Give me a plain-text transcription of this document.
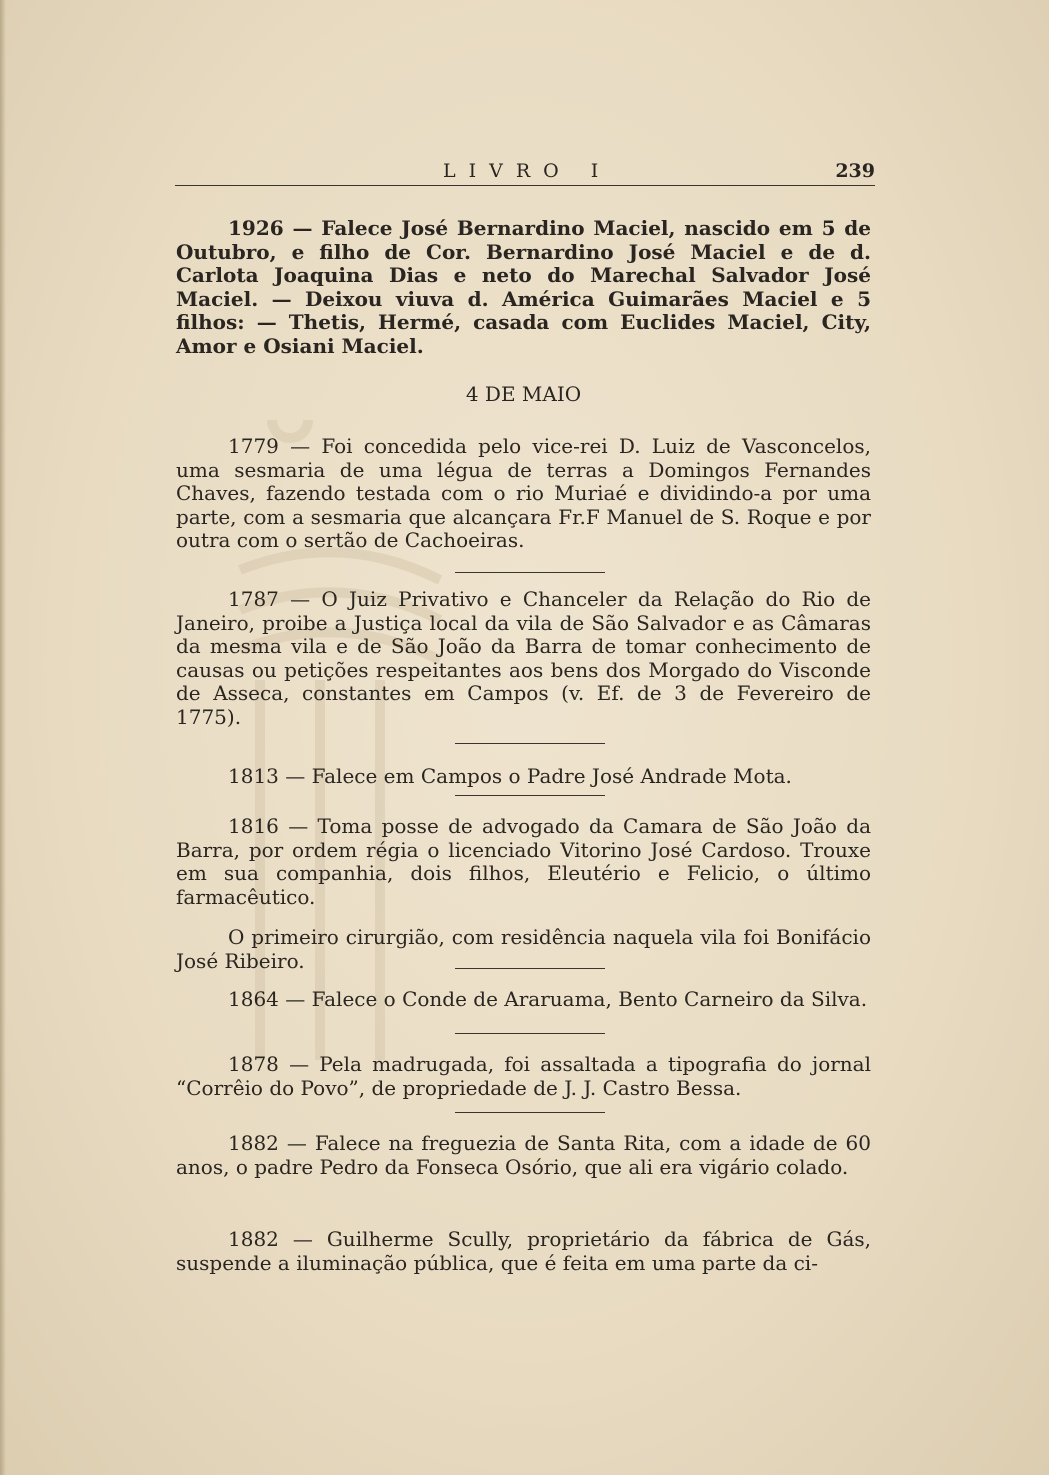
LIVRO I	239

1926 — Falece José Bernardino Maciel, nascido em 5 de Outubro, e filho de Cor. Bernardino José Maciel e de d. Carlota Joaquina Dias e neto do Marechal Salvador José Maciel. — Deixou viuva d. América Guimarães Maciel e 5 filhos: — Thetis, Hermé, casada com Euclides Maciel, City, Amor e Osiani Maciel.

4 DE MAIO

1779 — Foi concedida pelo vice-rei D. Luiz de Vasconcelos, uma sesmaria de uma légua de terras a Domingos Fernandes Chaves, fazendo testada com o rio Muriaé e dividindo-a por uma parte, com a sesmaria que alcançara Fr.F Manuel de S. Roque e por outra com o sertão de Cachoeiras.

1787 — O Juiz Privativo e Chanceler da Relação do Rio de Janeiro, proibe a Justiça local da vila de São Salvador e as Câmaras da mesma vila e de São João da Barra de tomar conhecimento de causas ou petições respeitantes aos bens dos Morgado do Visconde de Asseca, constantes em Campos (v. Ef. de 3 de Fevereiro de 1775).

1813 — Falece em Campos o Padre José Andrade Mota.

1816 — Toma posse de advogado da Camara de São João da Barra, por ordem régia o licenciado Vitorino José Cardoso. Trouxe em sua companhia, dois filhos, Eleutério e Felicio, o último farmacêutico.

O primeiro cirurgião, com residência naquela vila foi Bonifácio José Ribeiro.

1864 — Falece o Conde de Araruama, Bento Carneiro da Silva.

1878 — Pela madrugada, foi assaltada a tipografia do jornal “Corrêio do Povo”, de propriedade de J. J. Castro Bessa.

1882 — Falece na freguezia de Santa Rita, com a idade de 60 anos, o padre Pedro da Fonseca Osório, que ali era vigário colado.

1882 — Guilherme Scully, proprietário da fábrica de Gás, suspende a iluminação pública, que é feita em uma parte da ci-
